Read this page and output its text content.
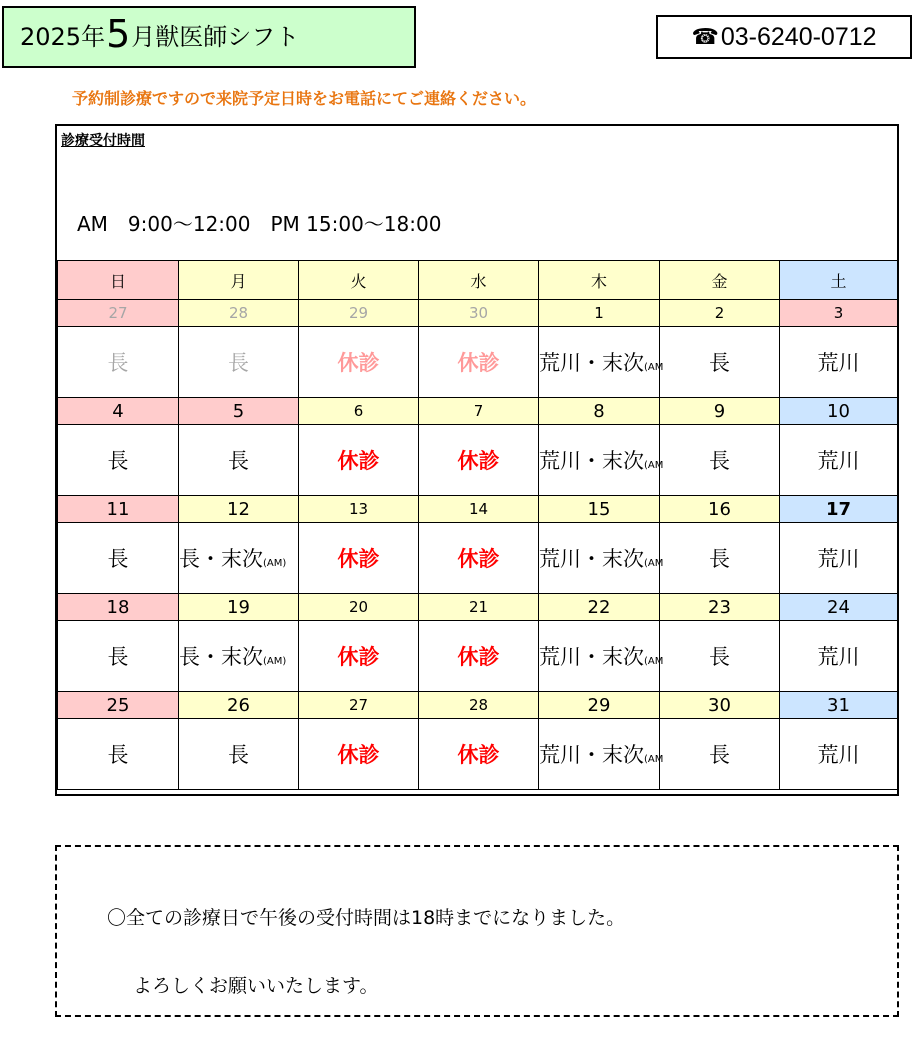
2025年 5 月獣医師シフト	☎ 03-6240-0712
予約制診療ですので来院予定日時をお電話にてご連絡ください。
診療受付時間
AM　9:00～12:00　PM 15:00～18:00
日	月	火	水	木	金	土
27	28	29	30	1	2	3
長	長	休診	休診	荒川・末次(AM	長	荒川
4	5	6	7	8	9	10
長	長	休診	休診	荒川・末次(AM	長	荒川
11	12	13	14	15	16	17
長	長・末次(AM)	休診	休診	荒川・末次(AM	長	荒川
18	19	20	21	22	23	24
長	長・末次(AM)	休診	休診	荒川・末次(AM	長	荒川
25	26	27	28	29	30	31
長	長	休診	休診	荒川・末次(AM	長	荒川
〇全ての診療日で午後の受付時間は18時までになりました。
よろしくお願いいたします。
